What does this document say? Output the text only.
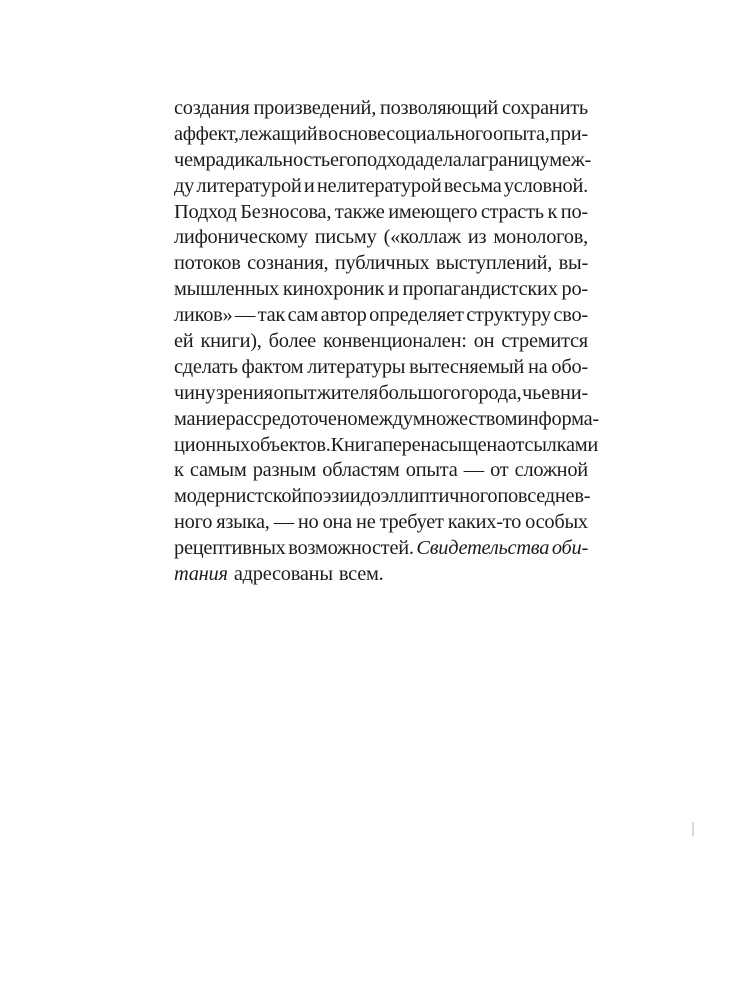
создания произведений, позволяющий сохранить
аффект, лежащий в основе социального опыта, при-
чем радикальность его подхода делала границу меж-
ду литературой и нелитературой весьма условной.
Подход Безносова, также имеющего страсть к по-
лифоническому письму («коллаж из монологов,
потоков сознания, публичных выступлений, вы-
мышленных кинохроник и пропагандистских ро-
ликов» — так сам автор определяет структуру сво-
ей книги), более конвенционален: он стремится
сделать фактом литературы вытесняемый на обо-
чину зрения опыт жителя большого города, чье вни-
мание рассредоточено между множеством информа-
ционных объектов. Книга перенасыщена отсылками
к самым разным областям опыта — от сложной
модернистской поэзии до эллиптичного повседнев-
ного языка, — но она не требует каких-то особых
рецептивных возможностей. Свидетельства оби-
тания адресованы всем.
